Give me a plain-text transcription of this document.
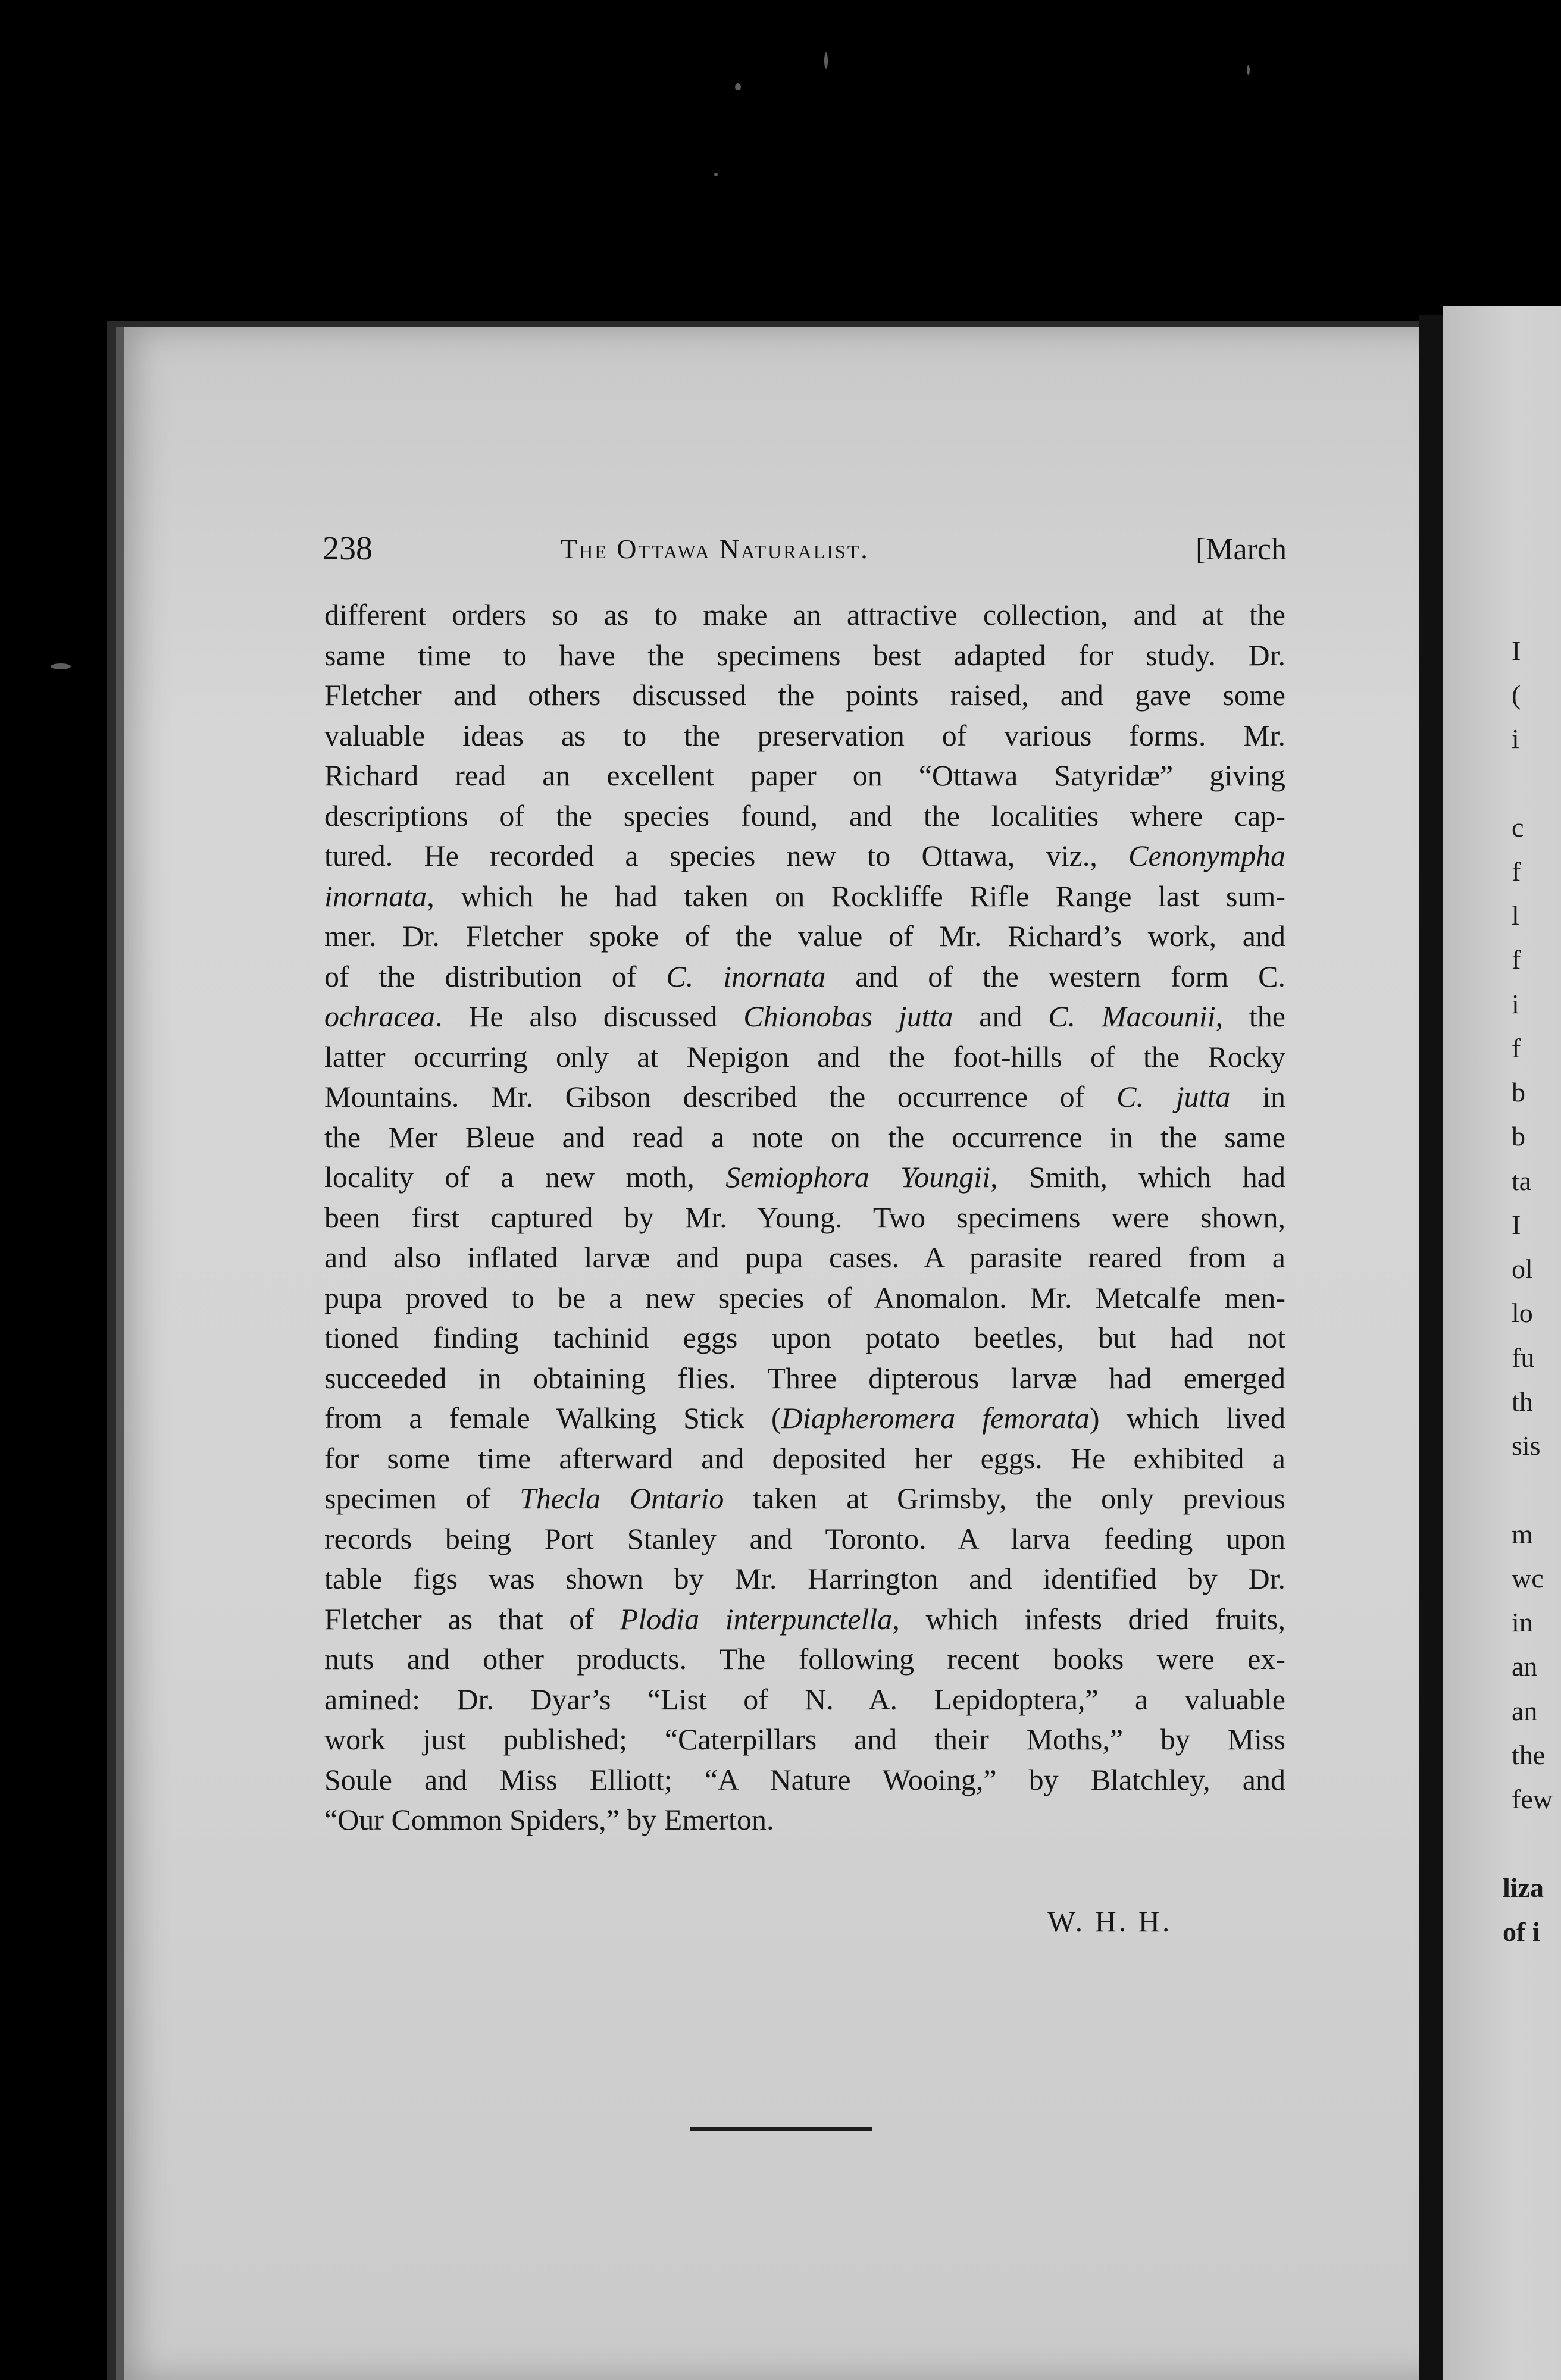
I
(
i
c
f
l
f
i
f
b
b
ta
I
ol
lo
fu
th
sis
m
wc
in
an
an
the
few
liza
of i
238	The Ottawa Naturalist.	[March
different orders so as to make an attractive collection, and at the
same time to have the specimens best adapted for study. Dr.
Fletcher and others discussed the points raised, and gave some
valuable ideas as to the preservation of various forms. Mr.
Richard read an excellent paper on “Ottawa Satyridæ” giving
descriptions of the species found, and the localities where cap-
tured. He recorded a species new to Ottawa, viz., Cenonympha
inornata, which he had taken on Rockliffe Rifle Range last sum-
mer. Dr. Fletcher spoke of the value of Mr. Richard’s work, and
of the distribution of C. inornata and of the western form C.
ochracea. He also discussed Chionobas jutta and C. Macounii, the
latter occurring only at Nepigon and the foot-hills of the Rocky
Mountains. Mr. Gibson described the occurrence of C. jutta in
the Mer Bleue and read a note on the occurrence in the same
locality of a new moth, Semiophora Youngii, Smith, which had
been first captured by Mr. Young. Two specimens were shown,
and also inflated larvæ and pupa cases. A parasite reared from a
pupa proved to be a new species of Anomalon. Mr. Metcalfe men-
tioned finding tachinid eggs upon potato beetles, but had not
succeeded in obtaining flies. Three dipterous larvæ had emerged
from a female Walking Stick (Diapheromera femorata) which lived
for some time afterward and deposited her eggs. He exhibited a
specimen of Thecla Ontario taken at Grimsby, the only previous
records being Port Stanley and Toronto. A larva feeding upon
table figs was shown by Mr. Harrington and identified by Dr.
Fletcher as that of Plodia interpunctella, which infests dried fruits,
nuts and other products. The following recent books were ex-
amined: Dr. Dyar’s “List of N. A. Lepidoptera,” a valuable
work just published; “Caterpillars and their Moths,” by Miss
Soule and Miss Elliott; “A Nature Wooing,” by Blatchley, and
“Our Common Spiders,” by Emerton.
W. H. H.
